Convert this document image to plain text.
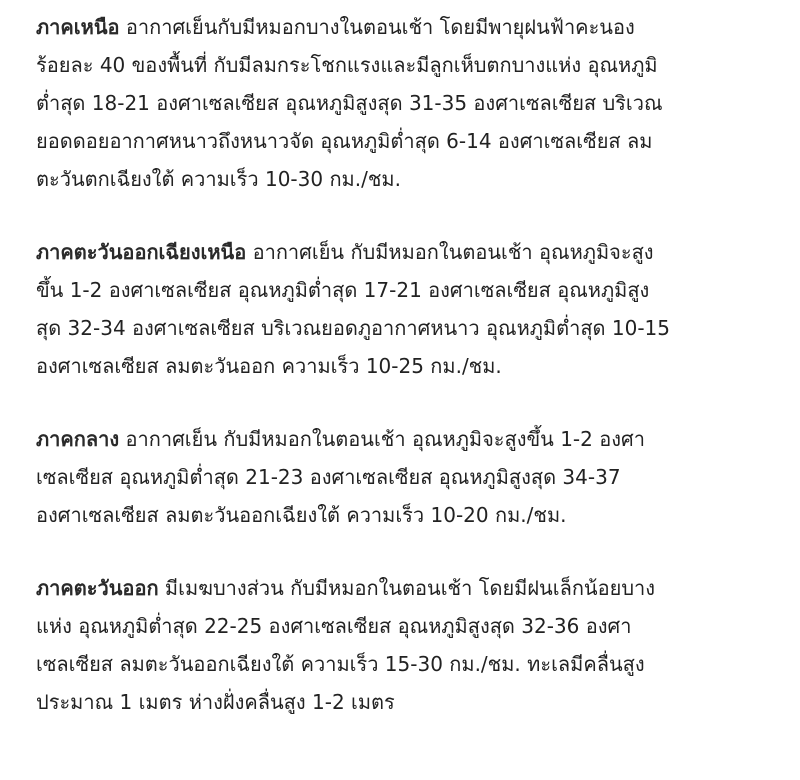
ภาคเหนือ อากาศเย็นกับมีหมอกบางในตอนเช้า โดยมีพายุฝนฟ้าคะนอง
ร้อยละ 40 ของพื้นที่ กับมีลมกระโชกแรงและมีลูกเห็บตกบางแห่ง อุณหภูมิ
ต่ำสุด 18-21 องศาเซลเซียส อุณหภูมิสูงสุด 31-35 องศาเซลเซียส บริเวณ
ยอดดอยอากาศหนาวถึงหนาวจัด อุณหภูมิต่ำสุด 6-14 องศาเซลเซียส ลม
ตะวันตกเฉียงใต้ ความเร็ว 10-30 กม./ชม.

ภาคตะวันออกเฉียงเหนือ อากาศเย็น กับมีหมอกในตอนเช้า อุณหภูมิจะสูง
ขึ้น 1-2 องศาเซลเซียส อุณหภูมิต่ำสุด 17-21 องศาเซลเซียส อุณหภูมิสูง
สุด 32-34 องศาเซลเซียส บริเวณยอดภูอากาศหนาว อุณหภูมิต่ำสุด 10-15
องศาเซลเซียส ลมตะวันออก ความเร็ว 10-25 กม./ชม.

ภาคกลาง อากาศเย็น กับมีหมอกในตอนเช้า อุณหภูมิจะสูงขึ้น 1-2 องศา
เซลเซียส อุณหภูมิต่ำสุด 21-23 องศาเซลเซียส อุณหภูมิสูงสุด 34-37
องศาเซลเซียส ลมตะวันออกเฉียงใต้ ความเร็ว 10-20 กม./ชม.

ภาคตะวันออก มีเมฆบางส่วน กับมีหมอกในตอนเช้า โดยมีฝนเล็กน้อยบาง
แห่ง อุณหภูมิต่ำสุด 22-25 องศาเซลเซียส อุณหภูมิสูงสุด 32-36 องศา
เซลเซียส ลมตะวันออกเฉียงใต้ ความเร็ว 15-30 กม./ชม. ทะเลมีคลื่นสูง
ประมาณ 1 เมตร ห่างฝั่งคลื่นสูง 1-2 เมตร
